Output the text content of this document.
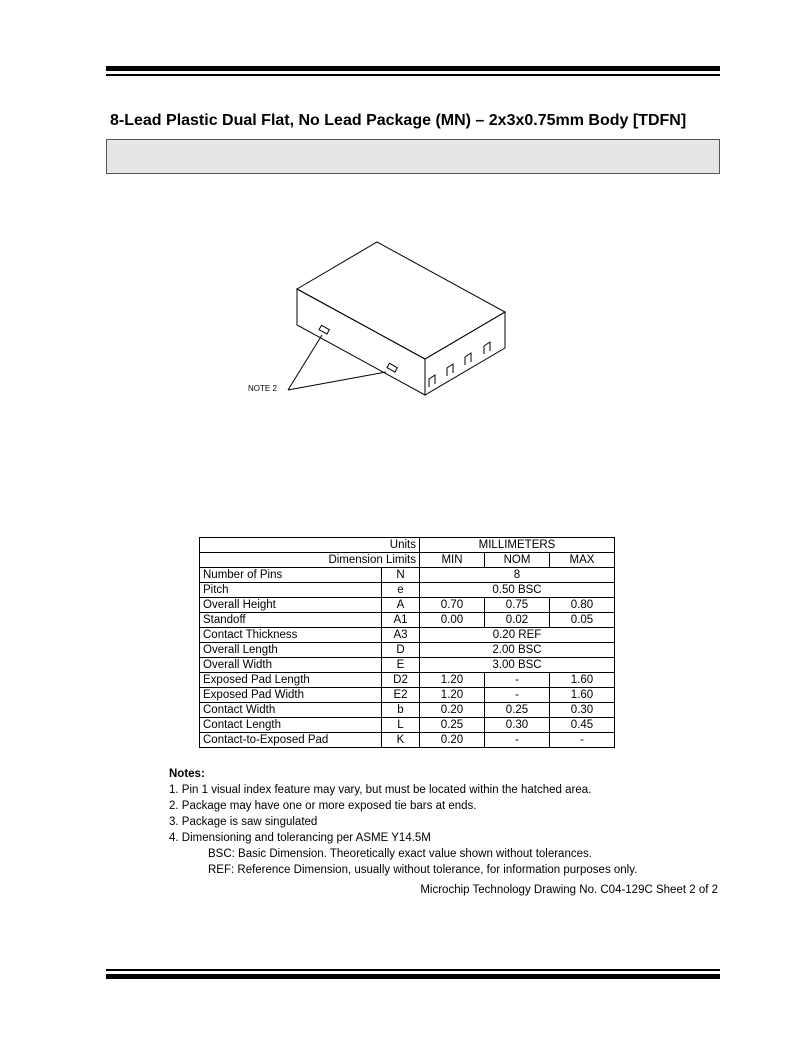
8-Lead Plastic Dual Flat, No Lead Package (MN) – 2x3x0.75mm Body [TDFN]
NOTE 2
Units		MILLIMETERS		
Dimension Limits		MIN	NOM	MAX
Number of Pins	N	8		
Pitch	e	0.50 BSC		
Overall Height	A	0.70	0.75	0.80
Standoff	A1	0.00	0.02	0.05
Contact Thickness	A3	0.20 REF		
Overall Length	D	2.00 BSC		
Overall Width	E	3.00 BSC		
Exposed Pad Length	D2	1.20	-	1.60
Exposed Pad Width	E2	1.20	-	1.60
Contact Width	b	0.20	0.25	0.30
Contact Length	L	0.25	0.30	0.45
Contact-to-Exposed Pad	K	0.20	-	-
Notes:
1. Pin 1 visual index feature may vary, but must be located within the hatched area.
2. Package may have one or more exposed tie bars at ends.
3. Package is saw singulated
4. Dimensioning and tolerancing per ASME Y14.5M
BSC: Basic Dimension. Theoretically exact value shown without tolerances.
REF: Reference Dimension, usually without tolerance, for information purposes only.
Microchip Technology Drawing No. C04-129C Sheet 2 of 2
